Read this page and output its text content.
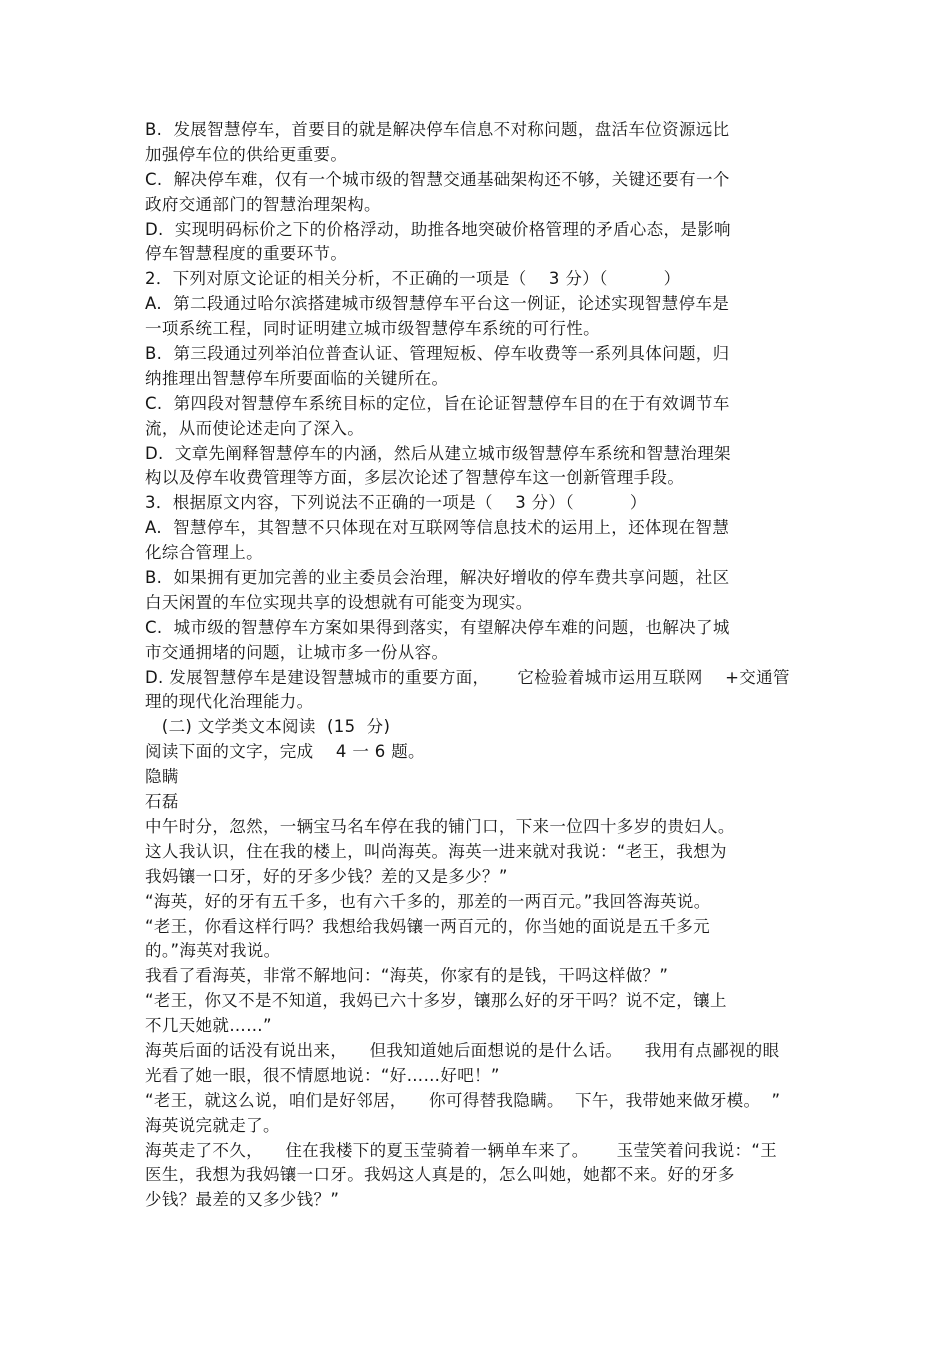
B.  发展智慧停车，首要目的就是解决停车信息不对称问题，盘活车位资源远比
加强停车位的供给更重要。
C.  解决停车难，仅有一个城市级的智慧交通基础架构还不够，关键还要有一个
政府交通部门的智慧治理架构。
D.  实现明码标价之下的价格浮动，助推各地突破价格管理的矛盾心态，是影响
停车智慧程度的重要环节。
2．下列对原文论证的相关分析，不正确的一项是（    3 分）（          ）
A.  第二段通过哈尔滨搭建城市级智慧停车平台这一例证，论述实现智慧停车是
一项系统工程，同时证明建立城市级智慧停车系统的可行性。
B.  第三段通过列举泊位普查认证、管理短板、停车收费等一系列具体问题，归
纳推理出智慧停车所要面临的关键所在。
C.  第四段对智慧停车系统目标的定位，旨在论证智慧停车目的在于有效调节车
流，从而使论述走向了深入。
D.  文章先阐释智慧停车的内涵，然后从建立城市级智慧停车系统和智慧治理架
构以及停车收费管理等方面，多层次论述了智慧停车这一创新管理手段。
3．根据原文内容，下列说法不正确的一项是（    3 分）（          ）
A.  智慧停车，其智慧不只体现在对互联网等信息技术的运用上，还体现在智慧
化综合管理上。
B.  如果拥有更加完善的业主委员会治理，解决好增收的停车费共享问题，社区
白天闲置的车位实现共享的设想就有可能变为现实。
C.  城市级的智慧停车方案如果得到落实，有望解决停车难的问题，也解决了城
市交通拥堵的问题，让城市多一份从容。
D. 发展智慧停车是建设智慧城市的重要方面，     它检验着城市运用互联网    +交通管
理的现代化治理能力。
(二) 文学类文本阅读  (15  分)
阅读下面的文字，完成    4 一 6 题。
隐瞒
石磊
中午时分，忽然，一辆宝马名车停在我的铺门口，下来一位四十多岁的贵妇人。
这人我认识，住在我的楼上，叫尚海英。海英一进来就对我说：“老王，我想为
我妈镶一口牙，好的牙多少钱？差的又是多少？”
“海英，好的牙有五千多，也有六千多的，那差的一两百元。”我回答海英说。
“老王，你看这样行吗？我想给我妈镶一两百元的，你当她的面说是五千多元
的。”海英对我说。
我看了看海英，非常不解地问：“海英，你家有的是钱，干吗这样做？”
“老王，你又不是不知道，我妈已六十多岁，镶那么好的牙干吗？说不定，镶上
不几天她就……”
海英后面的话没有说出来，    但我知道她后面想说的是什么话。    我用有点鄙视的眼
光看了她一眼，很不情愿地说：“好……好吧！”
“老王，就这么说，咱们是好邻居，    你可得替我隐瞒。  下午，我带她来做牙模。  ”
海英说完就走了。
海英走了不久，    住在我楼下的夏玉莹骑着一辆单车来了。     玉莹笑着问我说：“王
医生，我想为我妈镶一口牙。我妈这人真是的，怎么叫她，她都不来。好的牙多
少钱？最差的又多少钱？”
